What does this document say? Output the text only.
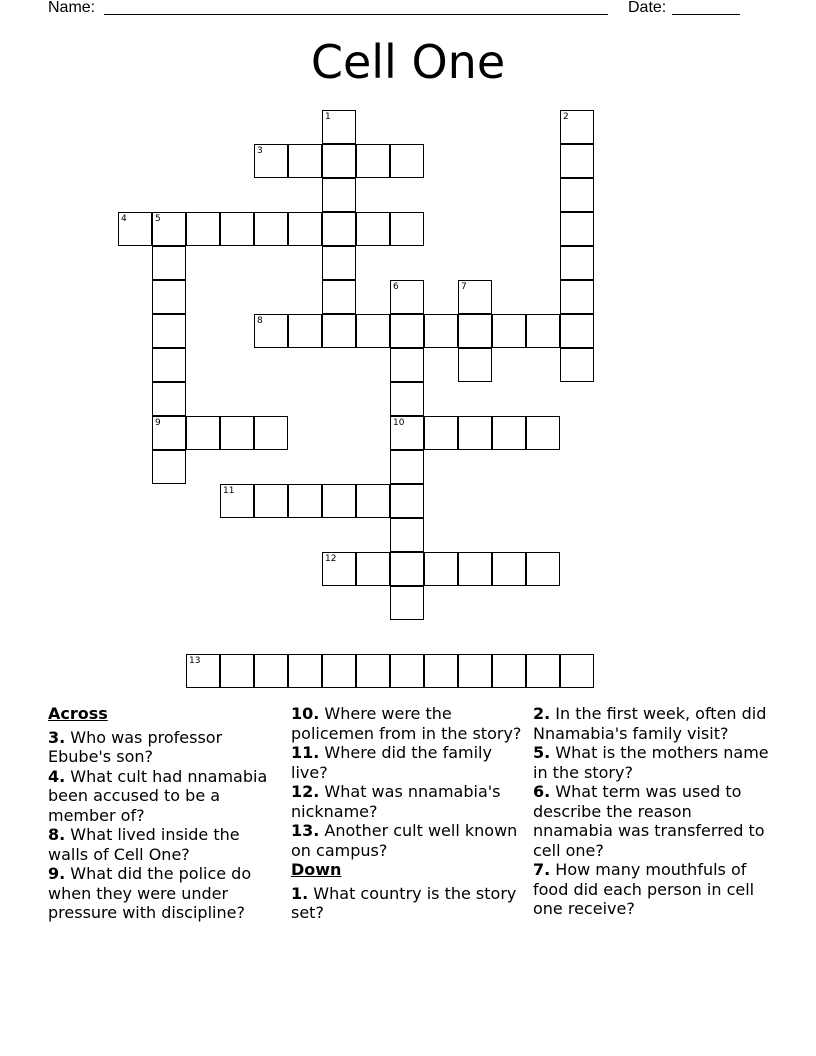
Name:	Date:
Cell One
1	2
3
4	5
9
6
10
7
8
11
12
13
Across
3. Who was professor Ebube's son?
4. What cult had nnamabia been accused to be a member of?
8. What lived inside the walls of Cell One?
9. What did the police do when they were under pressure with discipline?
10. Where were the policemen from in the story?
11. Where did the family live?
12. What was nnamabia's nickname?
13. Another cult well known on campus?
Down
1. What country is the story set?
2. In the first week, often did Nnamabia's family visit?
5. What is the mothers name in the story?
6. What term was used to describe the reason nnamabia was transferred to cell one?
7. How many mouthfuls of food did each person in cell one receive?
